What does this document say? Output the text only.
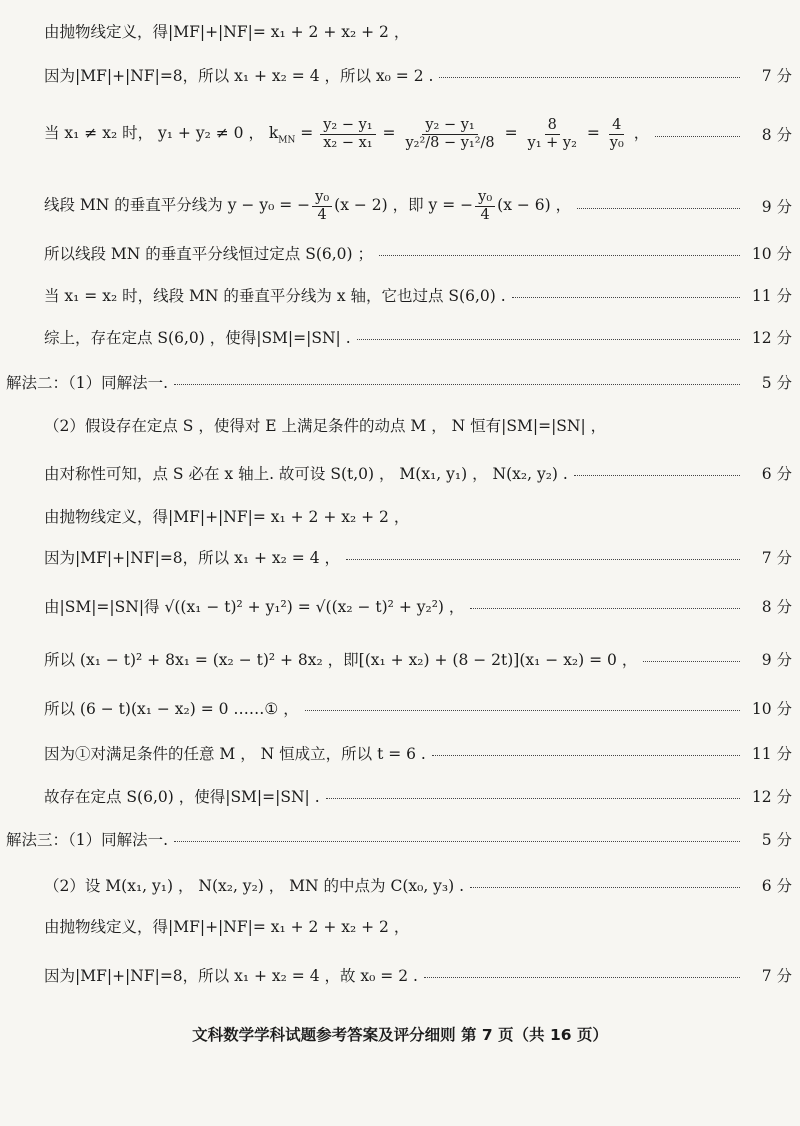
由抛物线定义，得|MF|+|NF|= x₁ + 2 + x₂ + 2 ，
因为|MF|+|NF|=8，所以 x₁ + x₂ = 4 ，所以 x₀ = 2 .	7 分
当 x₁ ≠ x₂ 时， y₁ + y₂ ≠ 0 ， $k_{MN} = \frac{\text{y₂ − y₁}}{\text{x₂ − x₁}} = \frac{\text{y₂ − y₁}}{\text{y₂²/8 − y₁²/8}} = \frac{8}{\text{y₁ + y₂}} = \frac{4}{\text{y₀}}$ ，	8 分
线段 MN 的垂直平分线为 y − y₀ = − $\frac{\text{y₀}}{4} (x - 2)$ ，即 y = − $\frac{\text{y₀}}{4} (x - 6)$ ，	9 分
所以线段 MN 的垂直平分线恒过定点 S(6,0) ；	10 分
当 x₁ = x₂ 时，线段 MN 的垂直平分线为 x 轴，它也过点 S(6,0) .	11 分
综上，存在定点 S(6,0) ，使得|SM|=|SN| .	12 分
解法二：（1）同解法一.	5 分
（2）假设存在定点 S ，使得对 E 上满足条件的动点 M ， N 恒有|SM|=|SN| ，
由对称性可知，点 S 必在 x 轴上. 故可设 S(t,0) ， M(x₁, y₁) ， N(x₂, y₂) .	6 分
由抛物线定义，得|MF|+|NF|= x₁ + 2 + x₂ + 2 ，
因为|MF|+|NF|=8，所以 x₁ + x₂ = 4 ，	7 分
由|SM|=|SN|得 √((x₁ − t)² + y₁²) = √((x₂ − t)² + y₂²) ，	8 分
所以 (x₁ − t)² + 8x₁ = (x₂ − t)² + 8x₂ ，即[(x₁ + x₂) + (8 − 2t)](x₁ − x₂) = 0 ，	9 分
所以 (6 − t)(x₁ − x₂) = 0 ……① ，	10 分
因为①对满足条件的任意 M ， N 恒成立，所以 t = 6 .	11 分
故存在定点 S(6,0) ，使得|SM|=|SN| .	12 分
解法三：（1）同解法一.	5 分
（2）设 M(x₁, y₁) ， N(x₂, y₂) ， MN 的中点为 C(x₀, y₃) .	6 分
由抛物线定义，得|MF|+|NF|= x₁ + 2 + x₂ + 2 ，
因为|MF|+|NF|=8，所以 x₁ + x₂ = 4 ，故 x₀ = 2 .	7 分
文科数学学科试题参考答案及评分细则 第 7 页（共 16 页）
